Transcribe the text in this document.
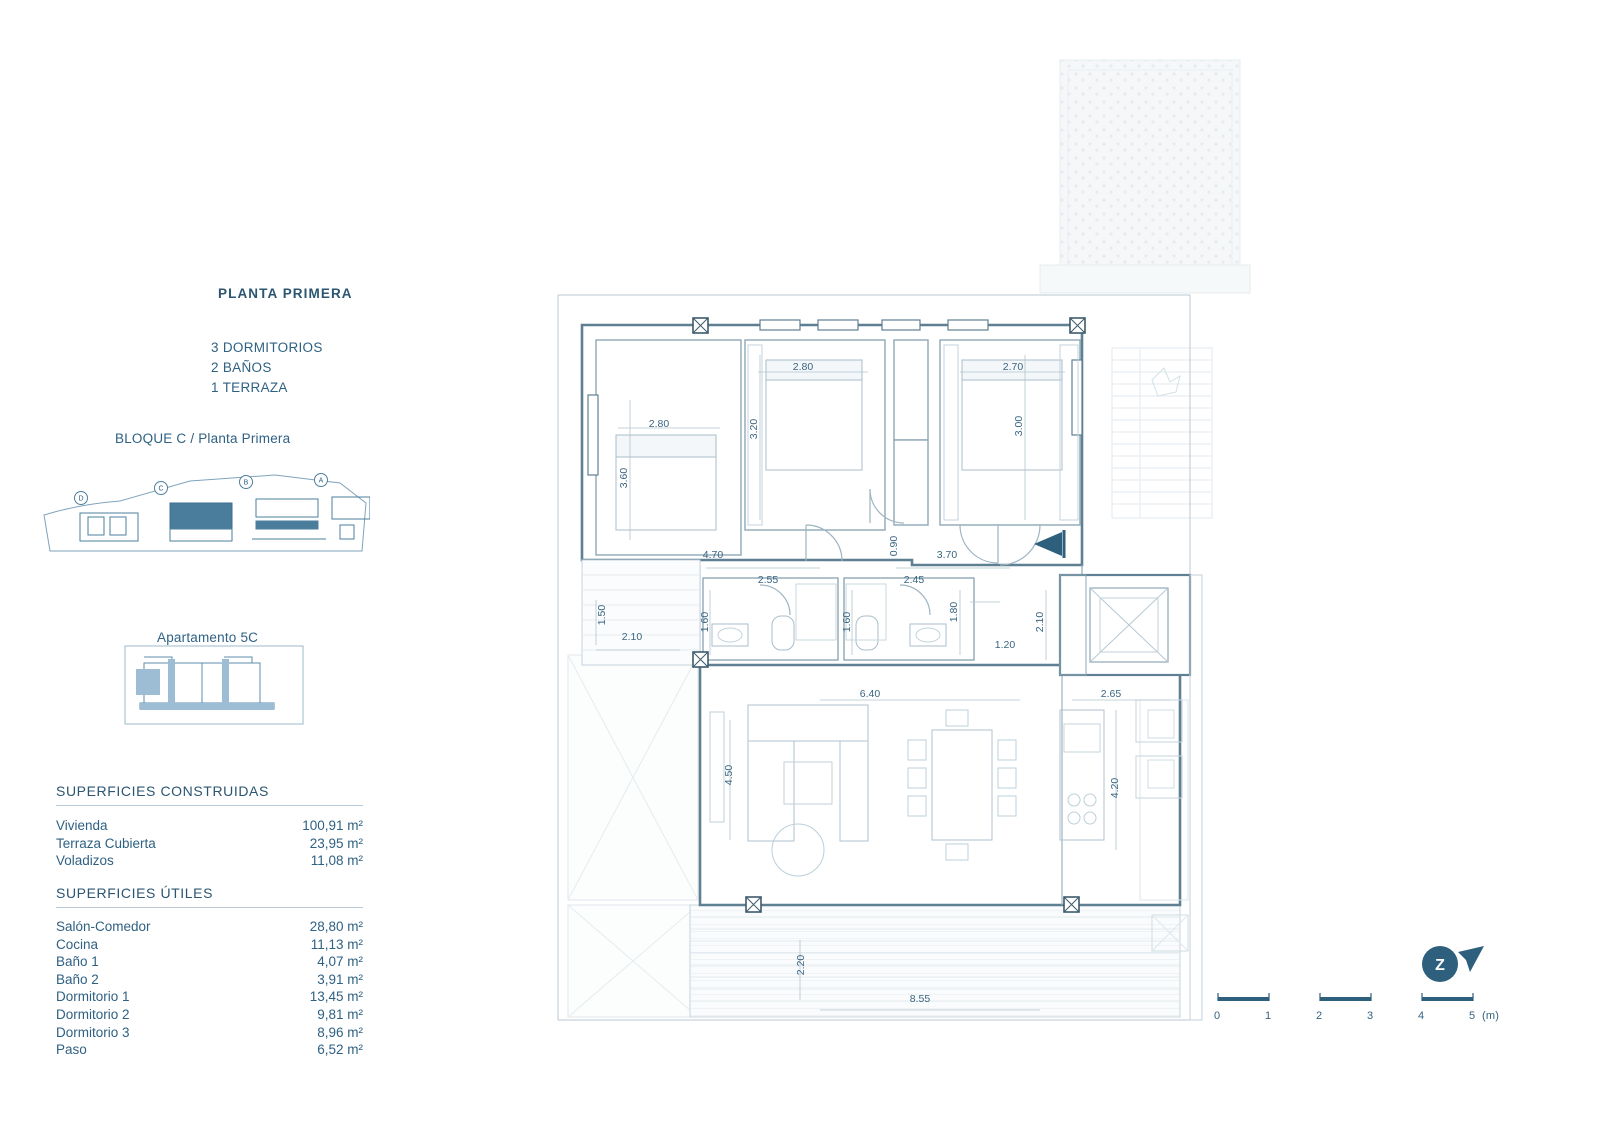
PLANTA PRIMERA
3 DORMITORIOS
2 BAÑOS
1 TERRAZA
BLOQUE C / Planta Primera
D
C
B	A
Apartamento 5C
SUPERFICIES CONSTRUIDAS
Vivienda	100,91 m²
Terraza Cubierta	23,95 m²
Voladizos	11,08 m²
SUPERFICIES ÚTILES
Salón-Comedor	28,80 m²
Cocina	11,13 m²
Baño 1	4,07 m²
Baño 2	3,91 m²
Dormitorio 1	13,45 m²
Dormitorio 2	9,81 m²
Dormitorio 3	8,96 m²
Paso	6,52 m²
2.80
3.20
2.70
3.00
2.80
3.60
0.90
4.70	3.70
2.55
1.60
2.45
1.60	1.80	2.10
1.20
1.50
2.10
6.40
4.50
2.65
4.20
2.20
8.55
Z
0	1	2	3	4	5 (m)
